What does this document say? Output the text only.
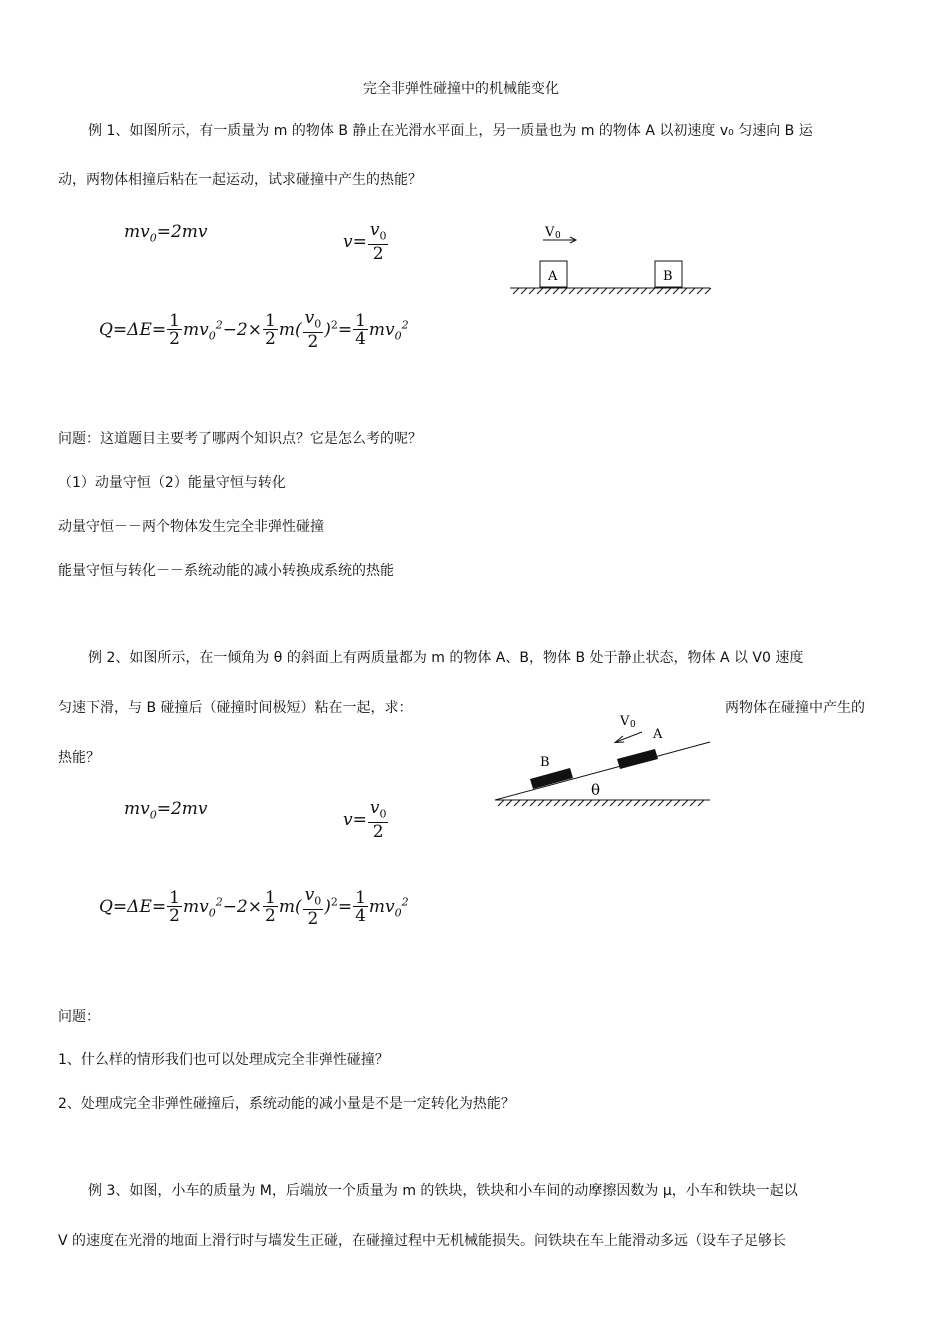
完全非弹性碰撞中的机械能变化
例 1、如图所示，有一质量为 m 的物体 B 静止在光滑水平面上，另一质量也为 m 的物体 A 以初速度 v₀ 匀速向 B 运
动，两物体相撞后粘在一起运动，试求碰撞中产生的热能？
$mv_0=2mv$
$v= \frac{v_0}{2}$	V 0
A	B
$Q=\Delta E= \frac{1}{2} mv_0^2-2\times \frac{1}{2} m( \frac{v_0}{2} )^2= \frac{1}{4} mv_0^2$
问题：这道题目主要考了哪两个知识点？它是怎么考的呢？
（1）动量守恒（2）能量守恒与转化
动量守恒－－两个物体发生完全非弹性碰撞
能量守恒与转化－－系统动能的减小转换成系统的热能
例 2、如图所示，在一倾角为 θ 的斜面上有两质量都为 m 的物体 A、B，物体 B 处于静止状态，物体 A 以 V0 速度
匀速下滑，与 B 碰撞后（碰撞时间极短）粘在一起，求：	两物体在碰撞中产生的
热能？
V 0
A
B
θ
$mv_0=2mv$
$v= \frac{v_0}{2}$
$Q=\Delta E= \frac{1}{2} mv_0^2-2\times \frac{1}{2} m( \frac{v_0}{2} )^2= \frac{1}{4} mv_0^2$
问题：
1、什么样的情形我们也可以处理成完全非弹性碰撞？
2、处理成完全非弹性碰撞后，系统动能的减小量是不是一定转化为热能？
例 3、如图，小车的质量为 M，后端放一个质量为 m 的铁块，铁块和小车间的动摩擦因数为 μ，小车和铁块一起以
V 的速度在光滑的地面上滑行时与墙发生正碰，在碰撞过程中无机械能损失。问铁块在车上能滑动多远（设车子足够长
